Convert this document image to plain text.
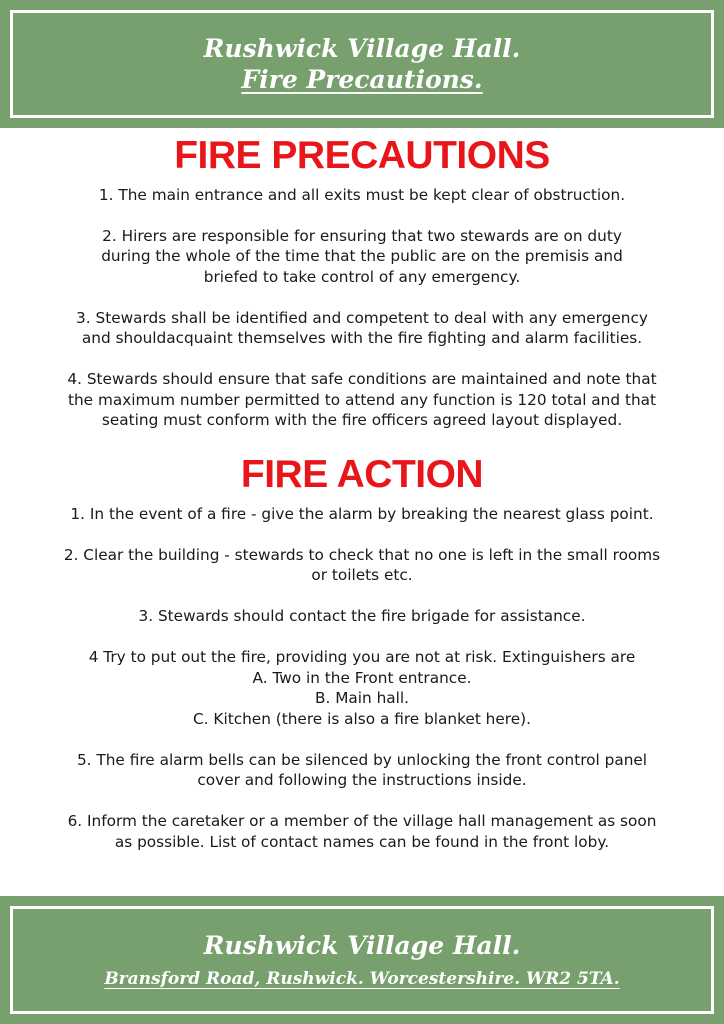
Rushwick Village Hall.
Fire Precautions.
FIRE PRECAUTIONS

1. The main entrance and all exits must be kept clear of obstruction.

2. Hirers are responsible for ensuring that two stewards are on duty
during the whole of the time that the public are on the premisis and
briefed to take control of any emergency.

3. Stewards shall be identified and competent to deal with any emergency
and shouldacquaint themselves with the fire fighting and alarm facilities.

4. Stewards should ensure that safe conditions are maintained and note that
the maximum number permitted to attend any function is 120 total and that
seating must conform with the fire officers agreed layout displayed.

FIRE ACTION

1. In the event of a fire - give the alarm by breaking the nearest glass point.

2. Clear the building - stewards to check that no one is left in the small rooms
or toilets etc.

3. Stewards should contact the fire brigade for assistance.

4 Try to put out the fire, providing you are not at risk. Extinguishers are
A. Two in the Front entrance.
B. Main hall.
C. Kitchen (there is also a fire blanket here).

5. The fire alarm bells can be silenced by unlocking the front control panel
cover and following the instructions inside.

6. Inform the caretaker or a member of the village hall management as soon
as possible. List of contact names can be found in the front loby.

Rushwick Village Hall.
Bransford Road, Rushwick. Worcestershire. WR2 5TA.
